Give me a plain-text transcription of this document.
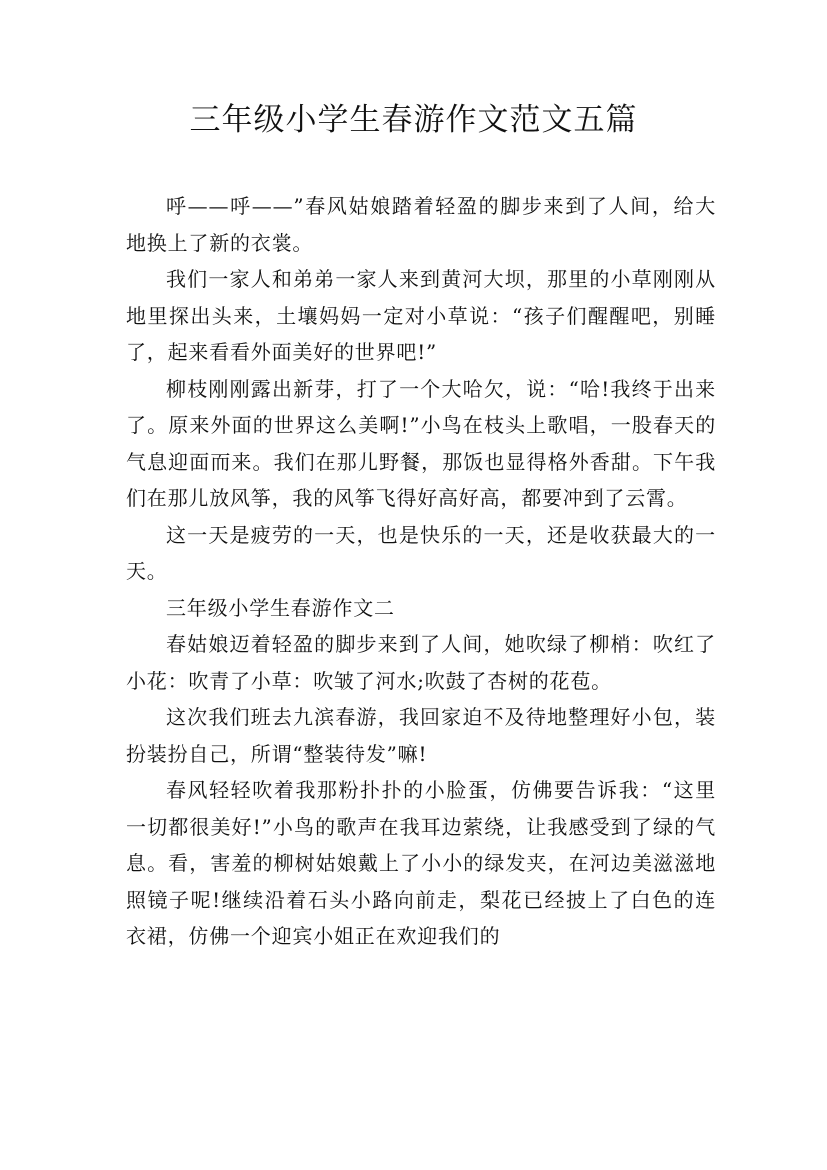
三年级小学生春游作文范文五篇

呼——呼——”春风姑娘踏着轻盈的脚步来到了人间，给大地换上了新的衣裳。

我们一家人和弟弟一家人来到黄河大坝，那里的小草刚刚从地里探出头来，土壤妈妈一定对小草说：“孩子们醒醒吧，别睡了，起来看看外面美好的世界吧!”

柳枝刚刚露出新芽，打了一个大哈欠，说：“哈!我终于出来了。原来外面的世界这么美啊!”小鸟在枝头上歌唱，一股春天的气息迎面而来。我们在那儿野餐，那饭也显得格外香甜。下午我们在那儿放风筝，我的风筝飞得好高好高，都要冲到了云霄。

这一天是疲劳的一天，也是快乐的一天，还是收获最大的一天。

三年级小学生春游作文二

春姑娘迈着轻盈的脚步来到了人间，她吹绿了柳梢：吹红了小花：吹青了小草：吹皱了河水;吹鼓了杏树的花苞。

这次我们班去九滨春游，我回家迫不及待地整理好小包，装扮装扮自己，所谓“整装待发”嘛!

春风轻轻吹着我那粉扑扑的小脸蛋，仿佛要告诉我：“这里一切都很美好!”小鸟的歌声在我耳边萦绕，让我感受到了绿的气息。看，害羞的柳树姑娘戴上了小小的绿发夹，在河边美滋滋地照镜子呢!继续沿着石头小路向前走，梨花已经披上了白色的连衣裙，仿佛一个迎宾小姐正在欢迎我们的
